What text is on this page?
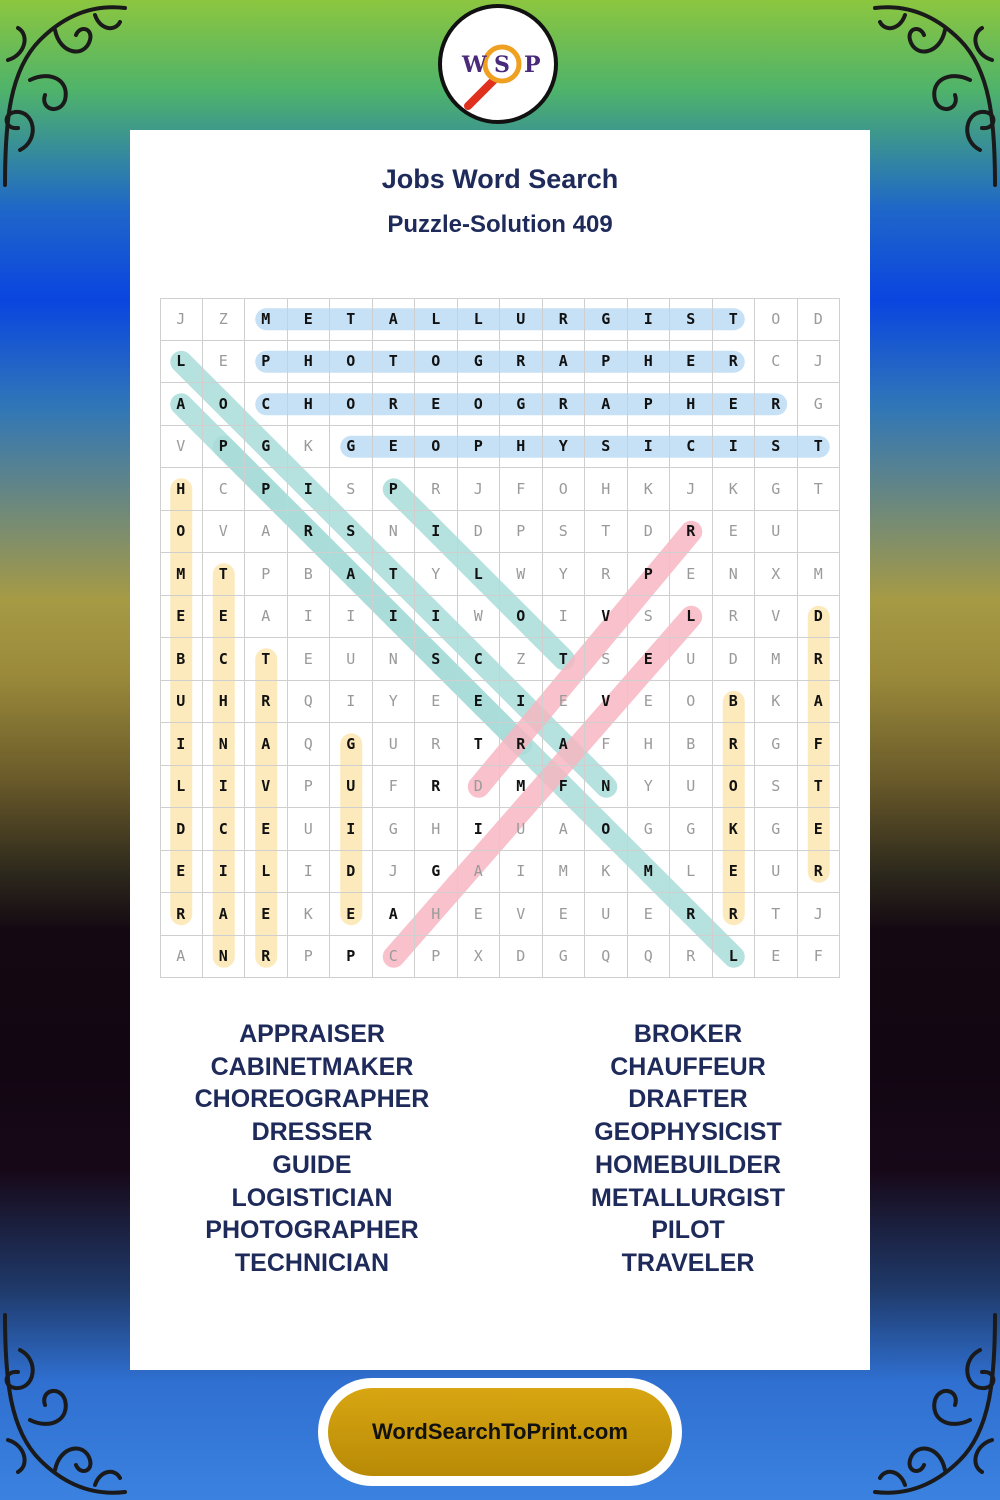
W S P
Jobs Word Search
Puzzle-Solution 409
J	Z	M	E	T	A	L	L	U	R	G	I	S	T	O	D
L	E	P	H	O	T	O	G	R	A	P	H	E	R	C	J
A	O	C	H	O	R	E	O	G	R	A	P	H	E	R	G
V	P	G	K	G	E	O	P	H	Y	S	I	C	I	S	T
H	C	P	I	S	P	R	J	F	O	H	K	J	K	G	T
O	V	A	R	S	N	I	D	P	S	T	D	R	E	U
M	T	P	B	A	T	Y	L	W	Y	R	P	E	N	X	M
E	E	A	I	I	I	I	W	O	I	V	S	L	R	V	D
B	C	T	E	U	N	S	C	Z	T	S	E	U	D	M	R
U	H	R	Q	I	Y	E	E	I	E	V	E	O	B	K	A
I	N	A	Q	G	U	R	T	R	A	F	H	B	R	G	F
L	I	V	P	U	F	R	D	M	F	N	Y	U	O	S	T
D	C	E	U	I	G	H	I	U	A	O	G	G	K	G	E
E	I	L	I	D	J	G	A	I	M	K	M	L	E	U	R
R	A	E	K	E	A	H	E	V	E	U	E	R	R	T	J
A	N	R	P	P	C	P	X	D	G	Q	Q	R	L	E	F
APPRAISER
CABINETMAKER
CHOREOGRAPHER
DRESSER
GUIDE
LOGISTICIAN
PHOTOGRAPHER
TECHNICIAN
BROKER
CHAUFFEUR
DRAFTER
GEOPHYSICIST
HOMEBUILDER
METALLURGIST
PILOT
TRAVELER
WordSearchToPrint.com
